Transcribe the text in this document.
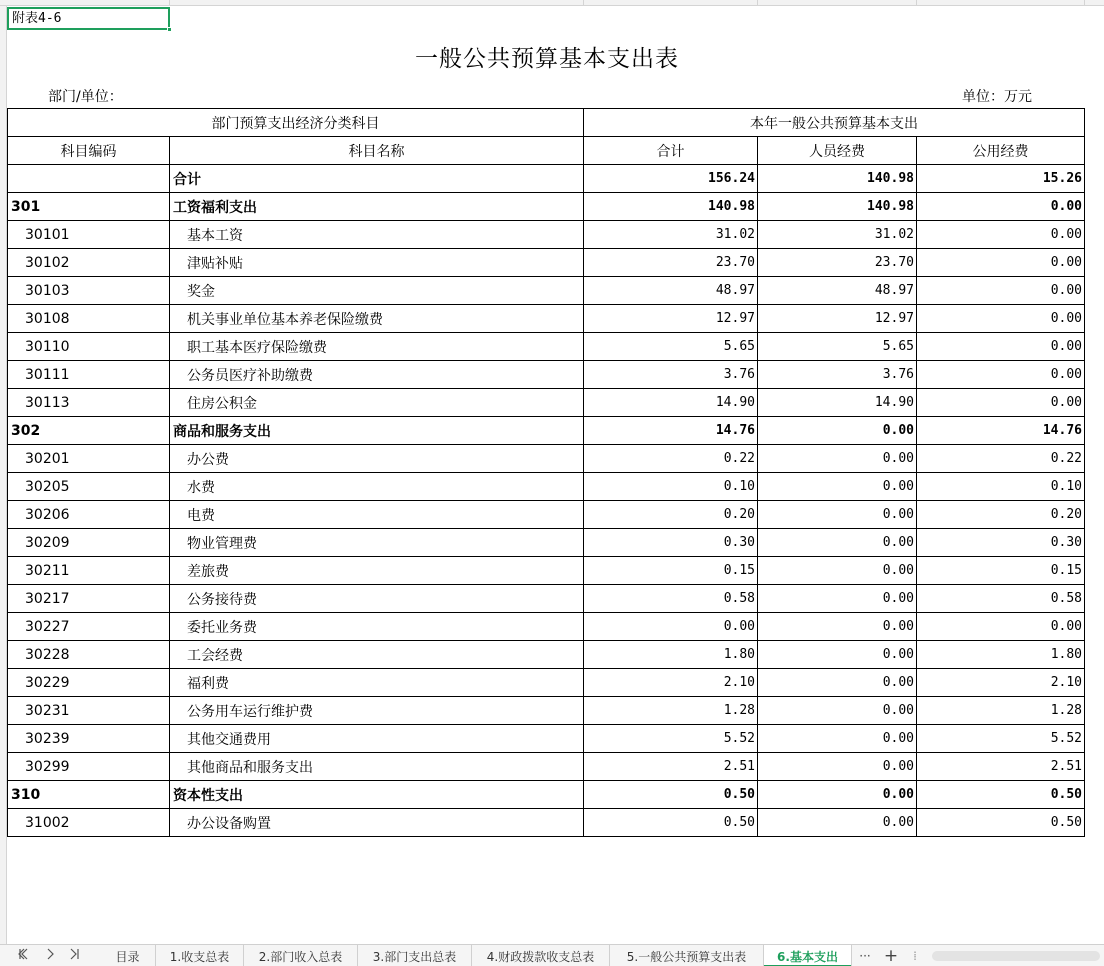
附表4-6
一般公共预算基本支出表
部门/单位：	单位：万元
部门预算支出经济分类科目		本年一般公共预算基本支出		
科目编码	科目名称	合计	人员经费	公用经费
	合计	156.24	140.98	15.26
301	工资福利支出	140.98	140.98	0.00
30101	基本工资	31.02	31.02	0.00
30102	津贴补贴	23.70	23.70	0.00
30103	奖金	48.97	48.97	0.00
30108	机关事业单位基本养老保险缴费	12.97	12.97	0.00
30110	职工基本医疗保险缴费	5.65	5.65	0.00
30111	公务员医疗补助缴费	3.76	3.76	0.00
30113	住房公积金	14.90	14.90	0.00
302	商品和服务支出	14.76	0.00	14.76
30201	办公费	0.22	0.00	0.22
30205	水费	0.10	0.00	0.10
30206	电费	0.20	0.00	0.20
30209	物业管理费	0.30	0.00	0.30
30211	差旅费	0.15	0.00	0.15
30217	公务接待费	0.58	0.00	0.58
30227	委托业务费	0.00	0.00	0.00
30228	工会经费	1.80	0.00	1.80
30229	福利费	2.10	0.00	2.10
30231	公务用车运行维护费	1.28	0.00	1.28
30239	其他交通费用	5.52	0.00	5.52
30299	其他商品和服务支出	2.51	0.00	2.51
310	资本性支出	0.50	0.00	0.50
31002	办公设备购置	0.50	0.00	0.50
目录	1.收支总表	2.部门收入总表	3.部门支出总表	4.财政拨款收支总表	5.一般公共预算支出表	6.基本支出	··· +	⁞
